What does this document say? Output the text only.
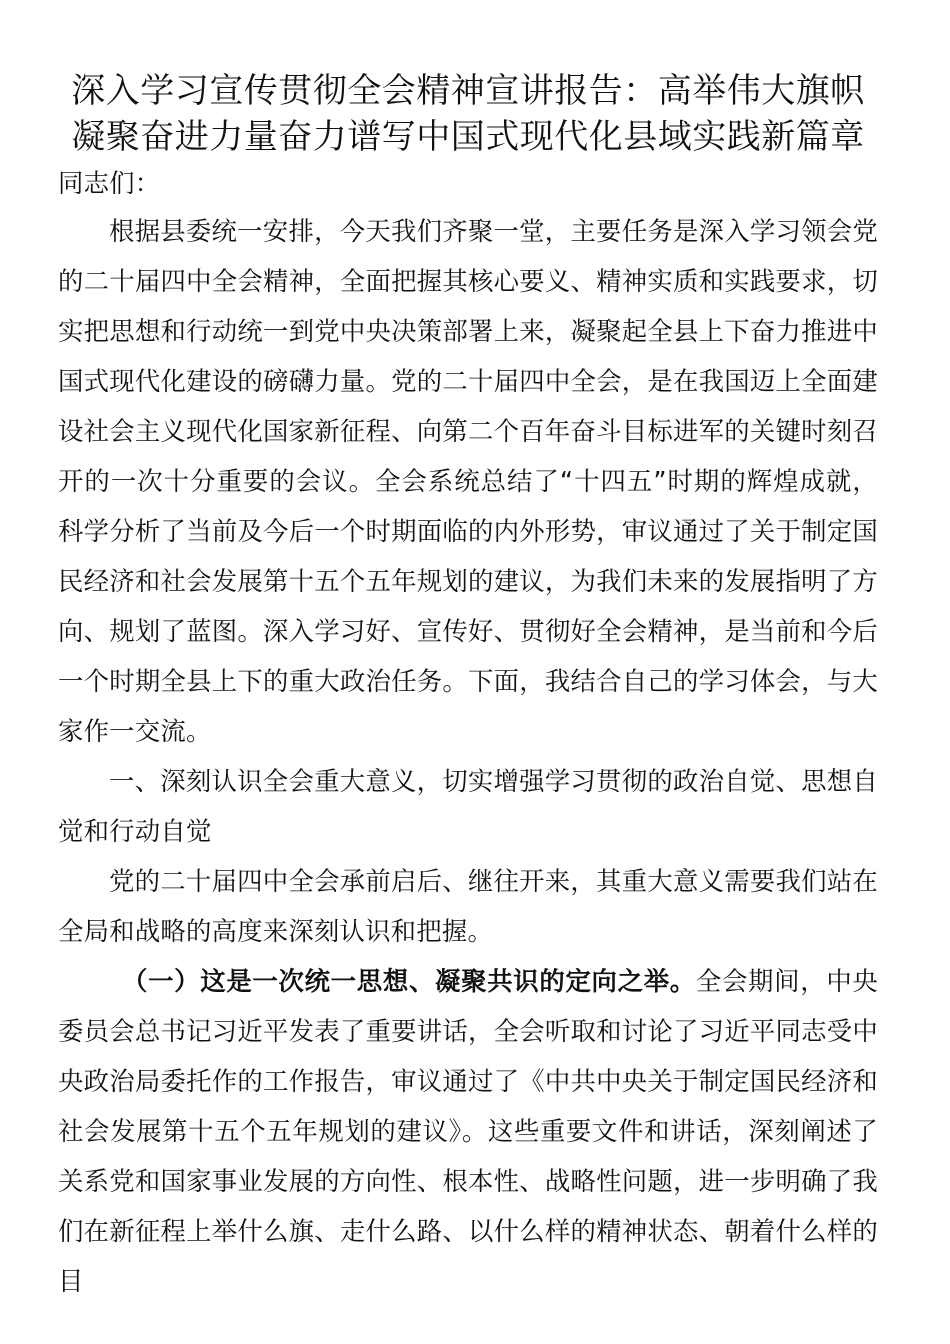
深入学习宣传贯彻全会精神宣讲报告：高举伟大旗帜
凝聚奋进力量奋力谱写中国式现代化县域实践新篇章

同志们：

根据县委统一安排，今天我们齐聚一堂，主要任务是深入学习领会党的二十届四中全会精神，全面把握其核心要义、精神实质和实践要求，切实把思想和行动统一到党中央决策部署上来，凝聚起全县上下奋力推进中国式现代化建设的磅礴力量。党的二十届四中全会，是在我国迈上全面建设社会主义现代化国家新征程、向第二个百年奋斗目标进军的关键时刻召开的一次十分重要的会议。全会系统总结了“十四五”时期的辉煌成就，科学分析了当前及今后一个时期面临的内外形势，审议通过了关于制定国民经济和社会发展第十五个五年规划的建议，为我们未来的发展指明了方向、规划了蓝图。深入学习好、宣传好、贯彻好全会精神，是当前和今后一个时期全县上下的重大政治任务。下面，我结合自己的学习体会，与大家作一交流。

一、深刻认识全会重大意义，切实增强学习贯彻的政治自觉、思想自觉和行动自觉

党的二十届四中全会承前启后、继往开来，其重大意义需要我们站在全局和战略的高度来深刻认识和把握。

（一）这是一次统一思想、凝聚共识的定向之举。全会期间，中央委员会总书记习近平发表了重要讲话，全会听取和讨论了习近平同志受中央政治局委托作的工作报告，审议通过了《中共中央关于制定国民经济和社会发展第十五个五年规划的建议》。这些重要文件和讲话，深刻阐述了关系党和国家事业发展的方向性、根本性、战略性问题，进一步明确了我们在新征程上举什么旗、走什么路、以什么样的精神状态、朝着什么样的目
